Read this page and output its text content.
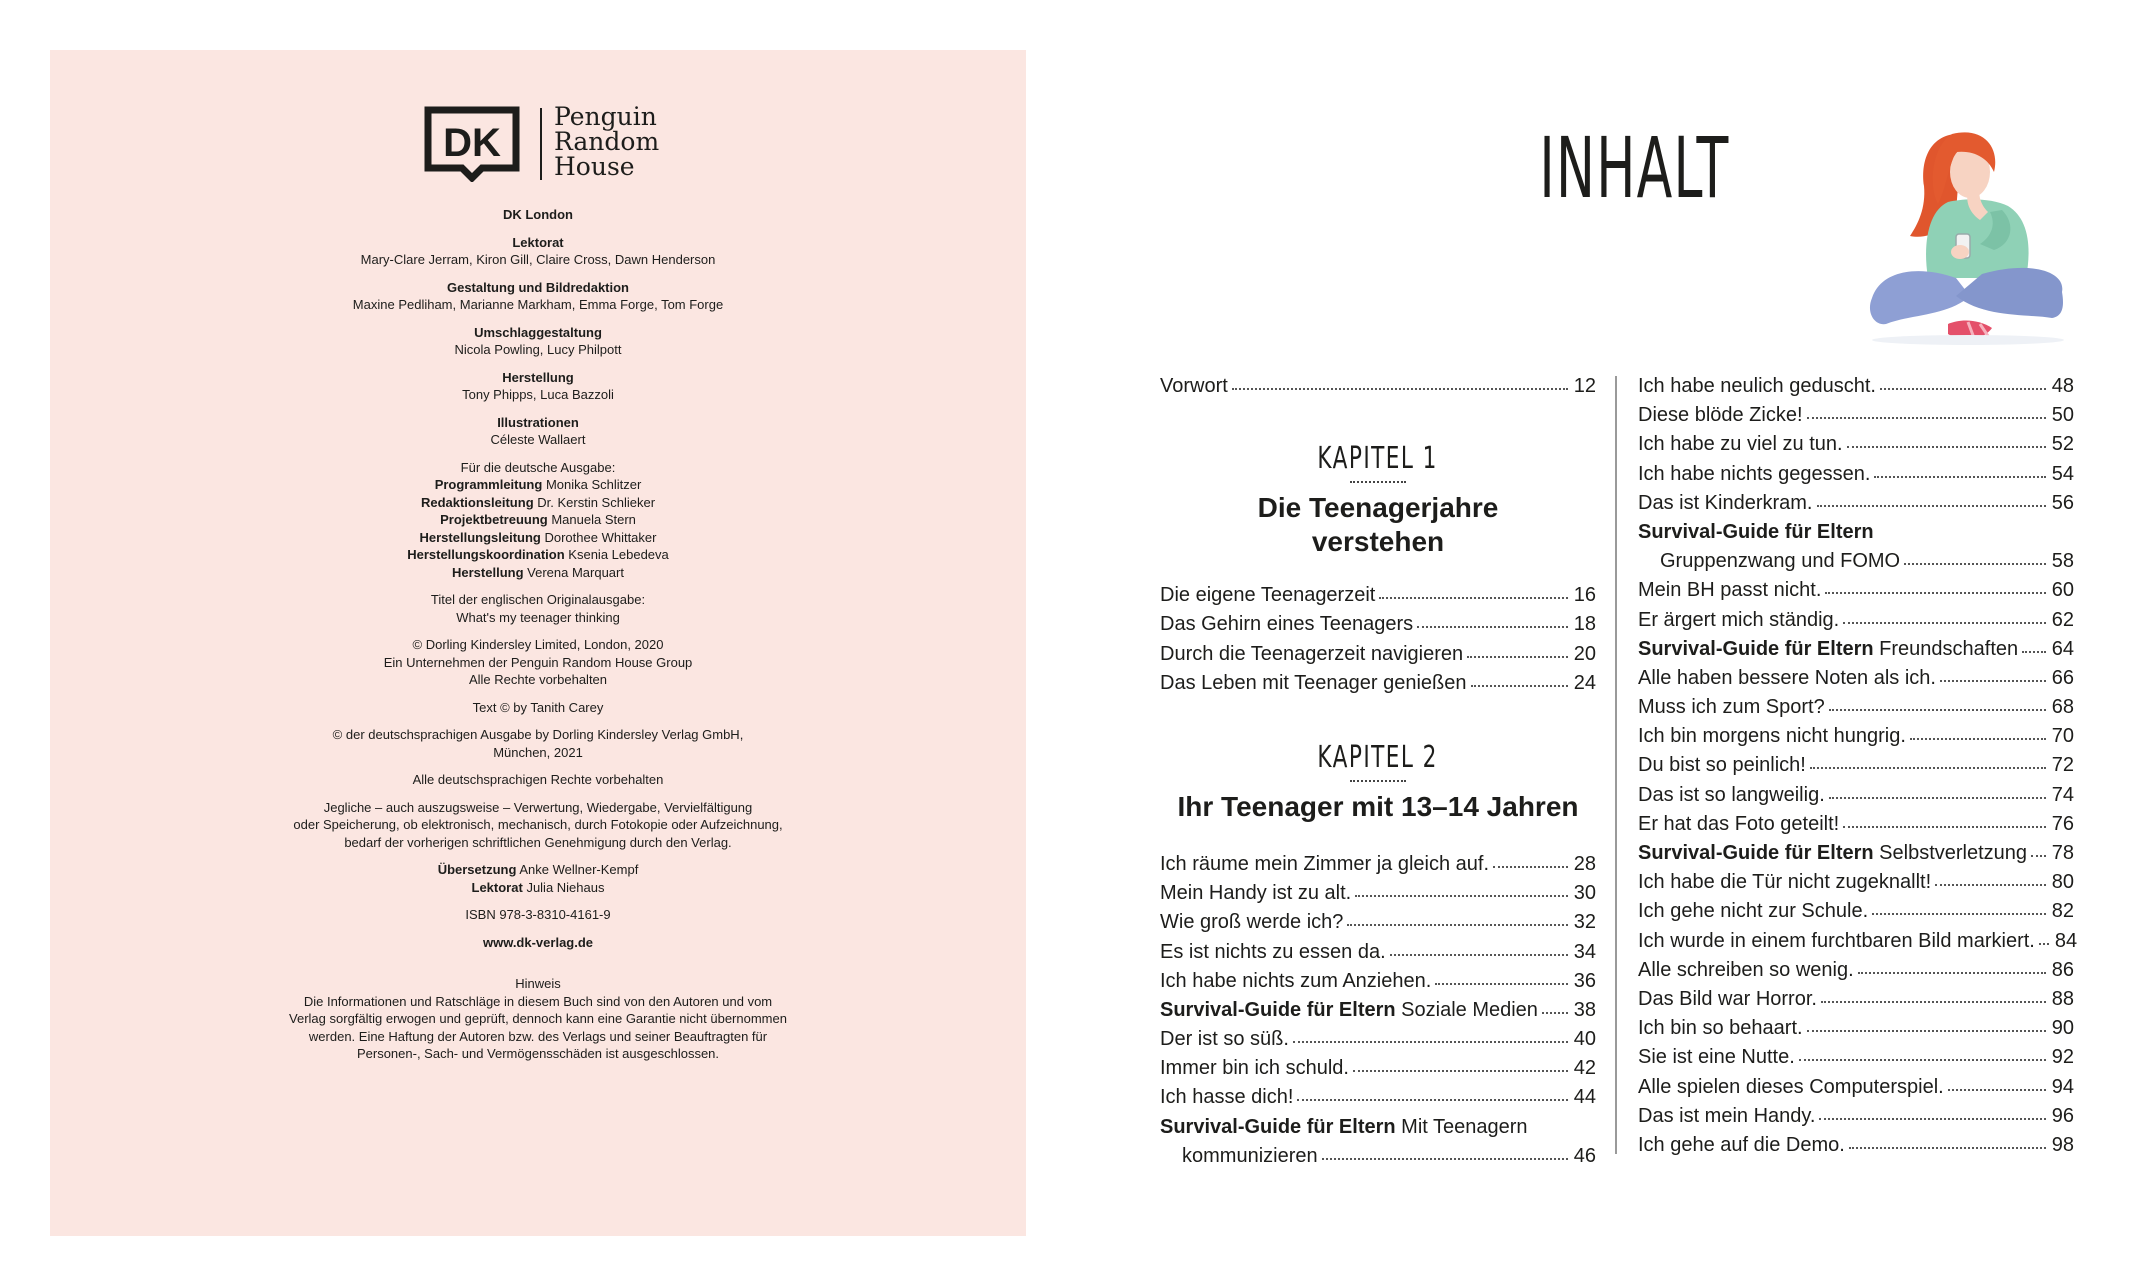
DK
Penguin
Random
House
DK London
Lektorat
Mary-Clare Jerram, Kiron Gill, Claire Cross, Dawn Henderson
Gestaltung und Bildredaktion
Maxine Pedliham, Marianne Markham, Emma Forge, Tom Forge
Umschlaggestaltung
Nicola Powling, Lucy Philpott
Herstellung
Tony Phipps, Luca Bazzoli
Illustrationen
Céleste Wallaert
Für die deutsche Ausgabe:
Programmleitung Monika Schlitzer
Redaktionsleitung Dr. Kerstin Schlieker
Projektbetreuung Manuela Stern
Herstellungsleitung Dorothee Whittaker
Herstellungskoordination Ksenia Lebedeva
Herstellung Verena Marquart
Titel der englischen Originalausgabe:
What's my teenager thinking
© Dorling Kindersley Limited, London, 2020
Ein Unternehmen der Penguin Random House Group
Alle Rechte vorbehalten
Text © by Tanith Carey
© der deutschsprachigen Ausgabe by Dorling Kindersley Verlag GmbH,
München, 2021
Alle deutschsprachigen Rechte vorbehalten
Jegliche – auch auszugsweise – Verwertung, Wiedergabe, Vervielfältigung
oder Speicherung, ob elektronisch, mechanisch, durch Fotokopie oder Aufzeichnung,
bedarf der vorherigen schriftlichen Genehmigung durch den Verlag.
Übersetzung Anke Wellner-Kempf
Lektorat Julia Niehaus
ISBN 978-3-8310-4161-9
www.dk-verlag.de
Hinweis
Die Informationen und Ratschläge in diesem Buch sind von den Autoren und vom
Verlag sorgfältig erwogen und geprüft, dennoch kann eine Garantie nicht übernommen
werden. Eine Haftung der Autoren bzw. des Verlags und seiner Beauftragten für
Personen-, Sach- und Vermögensschäden ist ausgeschlossen.
INHALT
Vorwort	12
KAPITEL 1
Die Teenagerjahre
verstehen
Die eigene Teenagerzeit	16
Das Gehirn eines Teenagers	18
Durch die Teenagerzeit navigieren	20
Das Leben mit Teenager genießen	24
KAPITEL 2
Ihr Teenager mit 13–14 Jahren
Ich räume mein Zimmer ja gleich auf.	28
Mein Handy ist zu alt.	30
Wie groß werde ich?	32
Es ist nichts zu essen da.	34
Ich habe nichts zum Anziehen.	36
Survival-Guide für Eltern Soziale Medien 38
Der ist so süß.	40
Immer bin ich schuld.	42
Ich hasse dich!	44
Survival-Guide für Eltern Mit Teenagern
kommunizieren	46
Ich habe neulich geduscht.	48
Diese blöde Zicke!	50
Ich habe zu viel zu tun.	52
Ich habe nichts gegessen.	54
Das ist Kinderkram.	56
Survival-Guide für Eltern
Gruppenzwang und FOMO	58
Mein BH passt nicht.	60
Er ärgert mich ständig.	62
Survival-Guide für Eltern Freundschaften 64
Alle haben bessere Noten als ich.	66
Muss ich zum Sport?	68
Ich bin morgens nicht hungrig.	70
Du bist so peinlich!	72
Das ist so langweilig.	74
Er hat das Foto geteilt!	76
Survival-Guide für Eltern Selbstverletzung 78
Ich habe die Tür nicht zugeknallt!	80
Ich gehe nicht zur Schule.	82
Ich wurde in einem furchtbaren Bild markiert. 84
Alle schreiben so wenig.	86
Das Bild war Horror.	88
Ich bin so behaart.	90
Sie ist eine Nutte.	92
Alle spielen dieses Computerspiel.	94
Das ist mein Handy.	96
Ich gehe auf die Demo.	98
